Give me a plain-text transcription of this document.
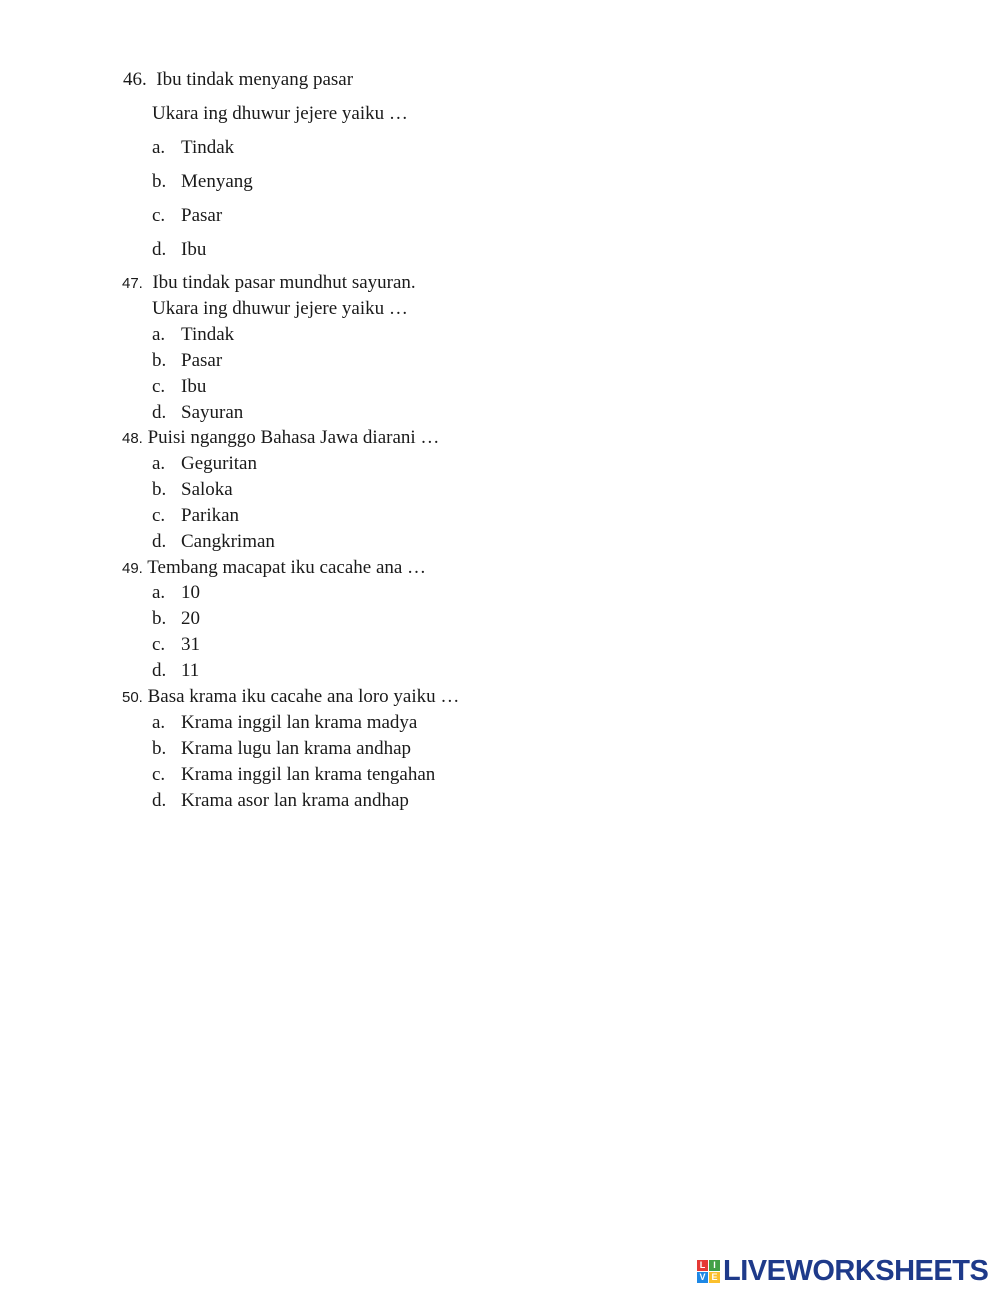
46. Ibu tindak menyang pasar
Ukara ing dhuwur jejere yaiku …
a. Tindak
b. Menyang
c. Pasar
d. Ibu
47. Ibu tindak pasar mundhut sayuran.
Ukara ing dhuwur jejere yaiku …
a. Tindak
b. Pasar
c. Ibu
d. Sayuran
48. Puisi nganggo Bahasa Jawa diarani …
a. Geguritan
b. Saloka
c. Parikan
d. Cangkriman
49. Tembang macapat iku cacahe ana …
a. 10
b. 20
c. 31
d. 11
50. Basa krama iku cacahe ana loro yaiku …
a. Krama inggil lan krama madya
b. Krama lugu lan krama andhap
c. Krama inggil lan krama tengahan
d. Krama asor lan krama andhap
L I
V E LIVEWORKSHEETS
